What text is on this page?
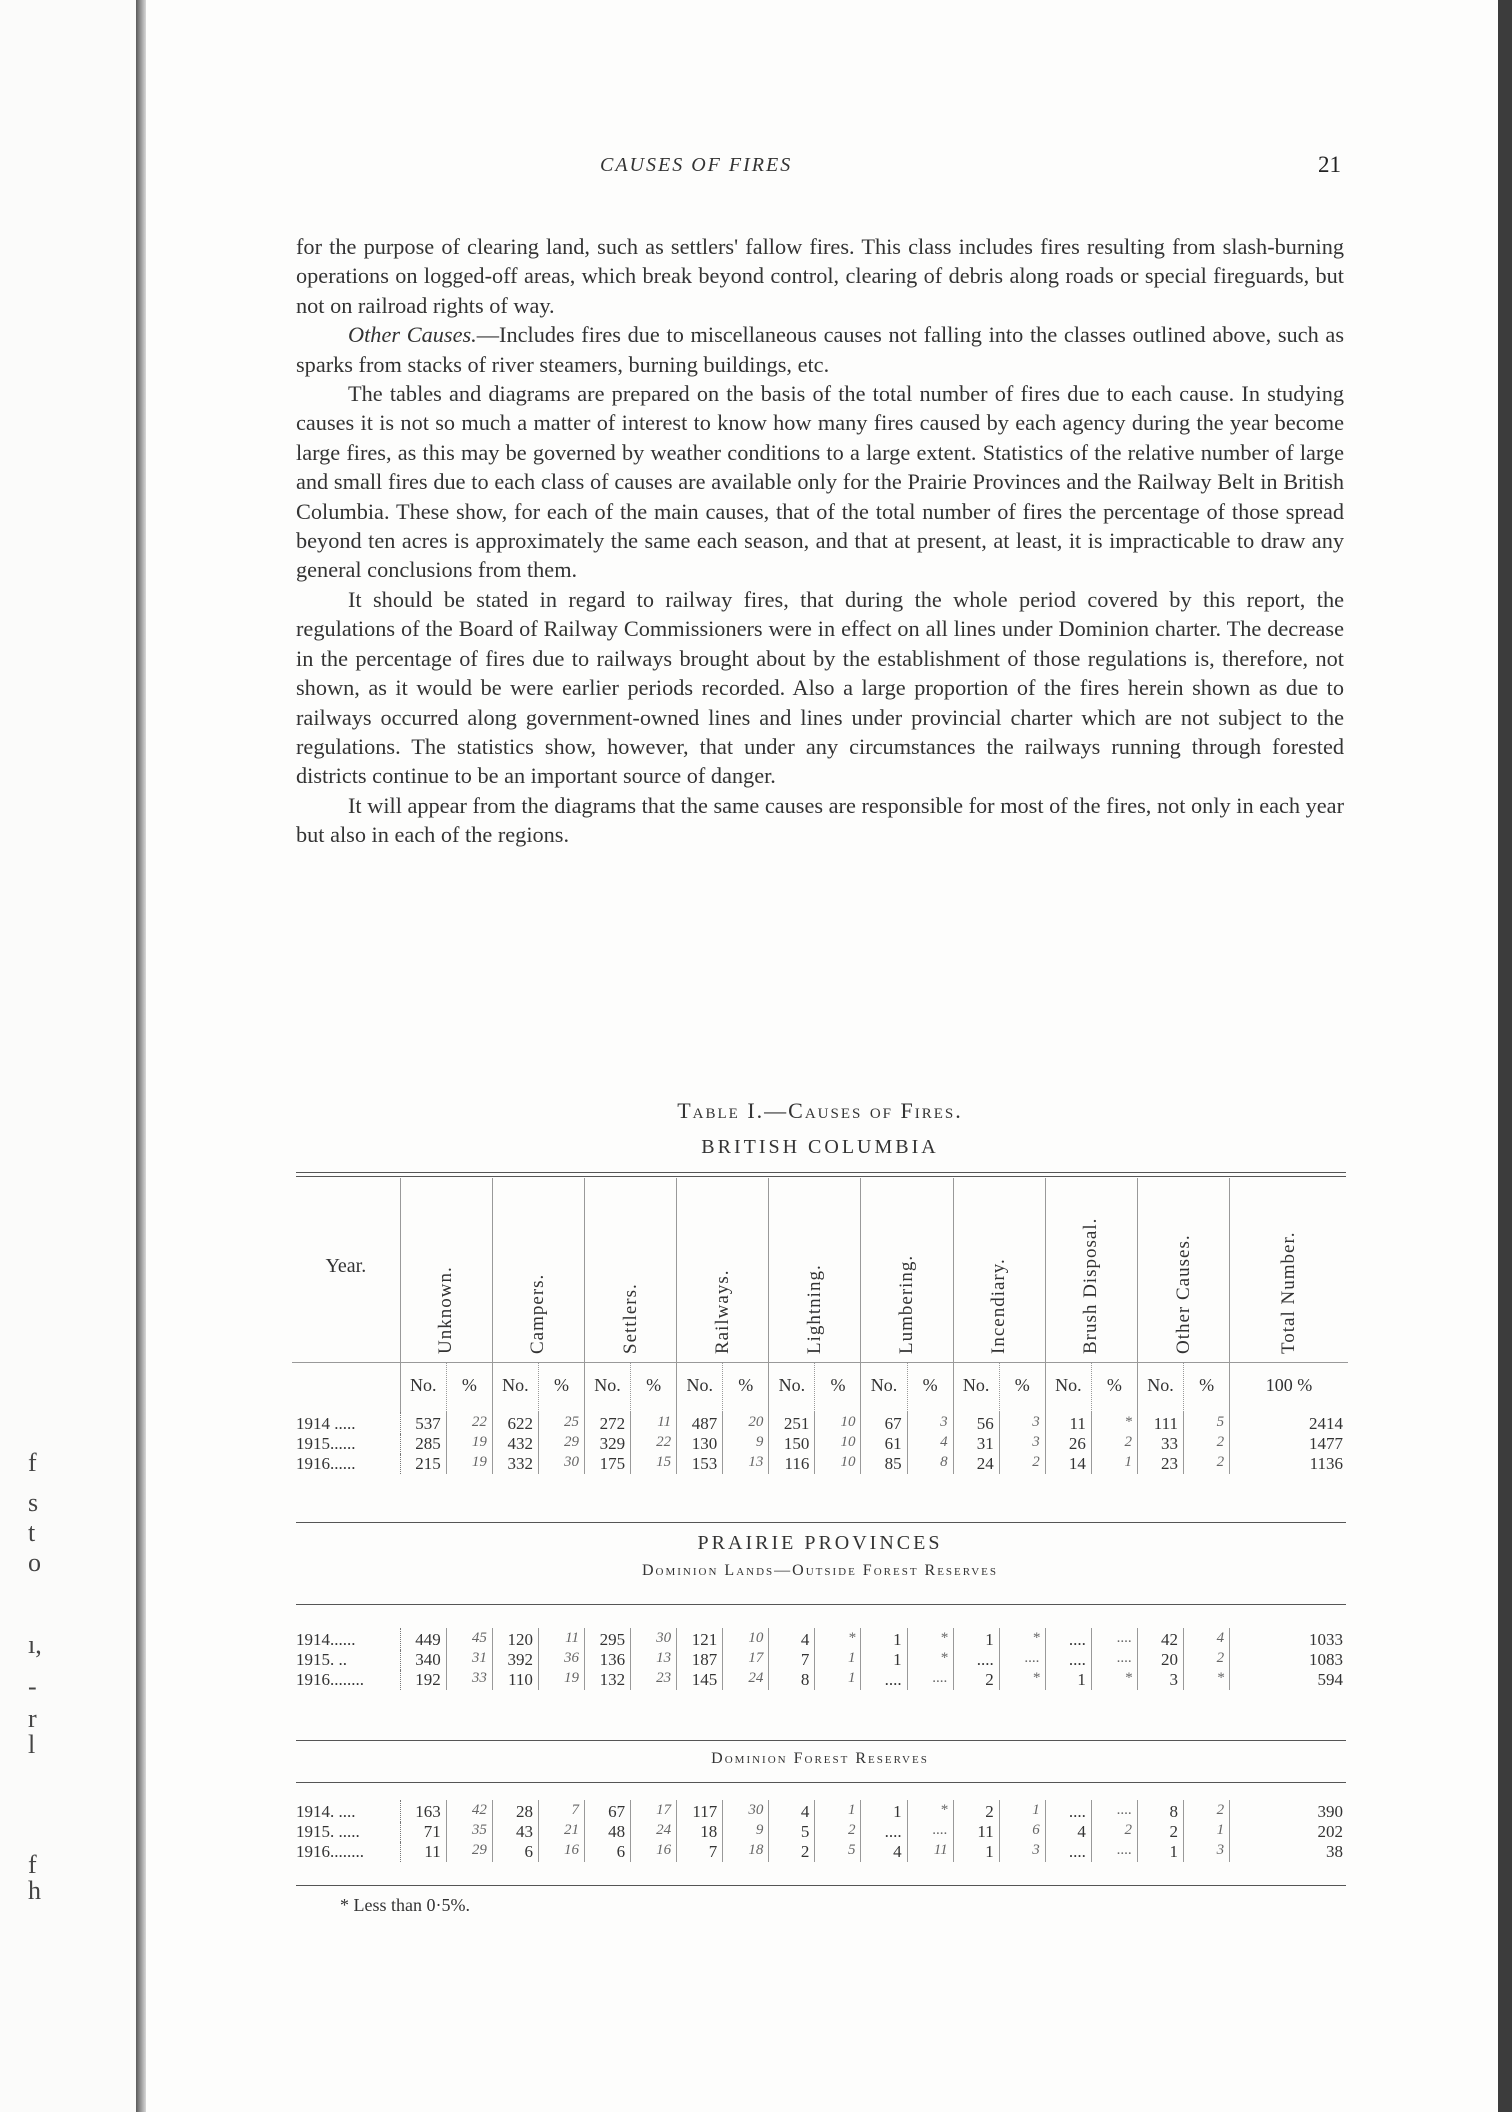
f
s
t
o
ı,
-
r
l
f
h
CAUSES OF FIRES	21

for the purpose of clearing land, such as settlers' fallow fires. This class includes fires resulting from slash-burning operations on logged-off areas, which break beyond control, clearing of debris along roads or special fireguards, but not on railroad rights of way.

Other Causes.—Includes fires due to miscellaneous causes not falling into the classes outlined above, such as sparks from stacks of river steamers, burning buildings, etc.

The tables and diagrams are prepared on the basis of the total number of fires due to each cause. In studying causes it is not so much a matter of interest to know how many fires caused by each agency during the year become large fires, as this may be governed by weather conditions to a large extent. Statistics of the relative number of large and small fires due to each class of causes are available only for the Prairie Provinces and the Railway Belt in British Columbia. These show, for each of the main causes, that of the total number of fires the percentage of those spread beyond ten acres is approximately the same each season, and that at present, at least, it is impracticable to draw any general conclusions from them.

It should be stated in regard to railway fires, that during the whole period covered by this report, the regulations of the Board of Railway Commissioners were in effect on all lines under Dominion charter. The decrease in the percentage of fires due to railways brought about by the establishment of those regulations is, therefore, not shown, as it would be were earlier periods recorded. Also a large proportion of the fires herein shown as due to railways occurred along government-owned lines and lines under provincial charter which are not subject to the regulations. The statistics show, however, that under any circumstances the railways running through forested districts continue to be an important source of danger.

It will appear from the diagrams that the same causes are responsible for most of the fires, not only in each year but also in each of the regions.

Table I.—Causes of Fires.
BRITISH COLUMBIA
Year.	Unknown.		Campers.		Settlers.		Railways.		Lightning.		Lumbering.		Incendiary.		Brush Disposal.		Other Causes.		Total Number.

	No.	%	No.	%	No.	%	No.	%	No.	%	No.	%	No.	%	No.	%	No.	%	100 %
1914 .....	537	22	622	25	272	11	487	20	251	10	67	3	56	3	11	*	111	5	2414
1915......	285	19	432	29	329	22	130	9	150	10	61	4	31	3	26	2	33	2	1477
1916......	215	19	332	30	175	15	153	13	116	10	85	8	24	2	14	1	23	2	1136
PRAIRIE PROVINCES
Dominion Lands—Outside Forest Reserves
1914......	449	45	120	11	295	30	121	10	4	*	1	*	1	*	....	....	42	4	1033
1915. ..	340	31	392	36	136	13	187	17	7	1	1	*	....	....	....	....	20	2	1083
1916........	192	33	110	19	132	23	145	24	8	1	....	....	2	*	1	*	3	*	594
Dominion Forest Reserves
1914. ....	163	42	28	7	67	17	117	30	4	1	1	*	2	1	....	....	8	2	390
1915. .....	71	35	43	21	48	24	18	9	5	2	....	....	11	6	4	2	2	1	202
1916........	11	29	6	16	6	16	7	18	2	5	4	11	1	3	....	....	1	3	38
* Less than 0·5%.
